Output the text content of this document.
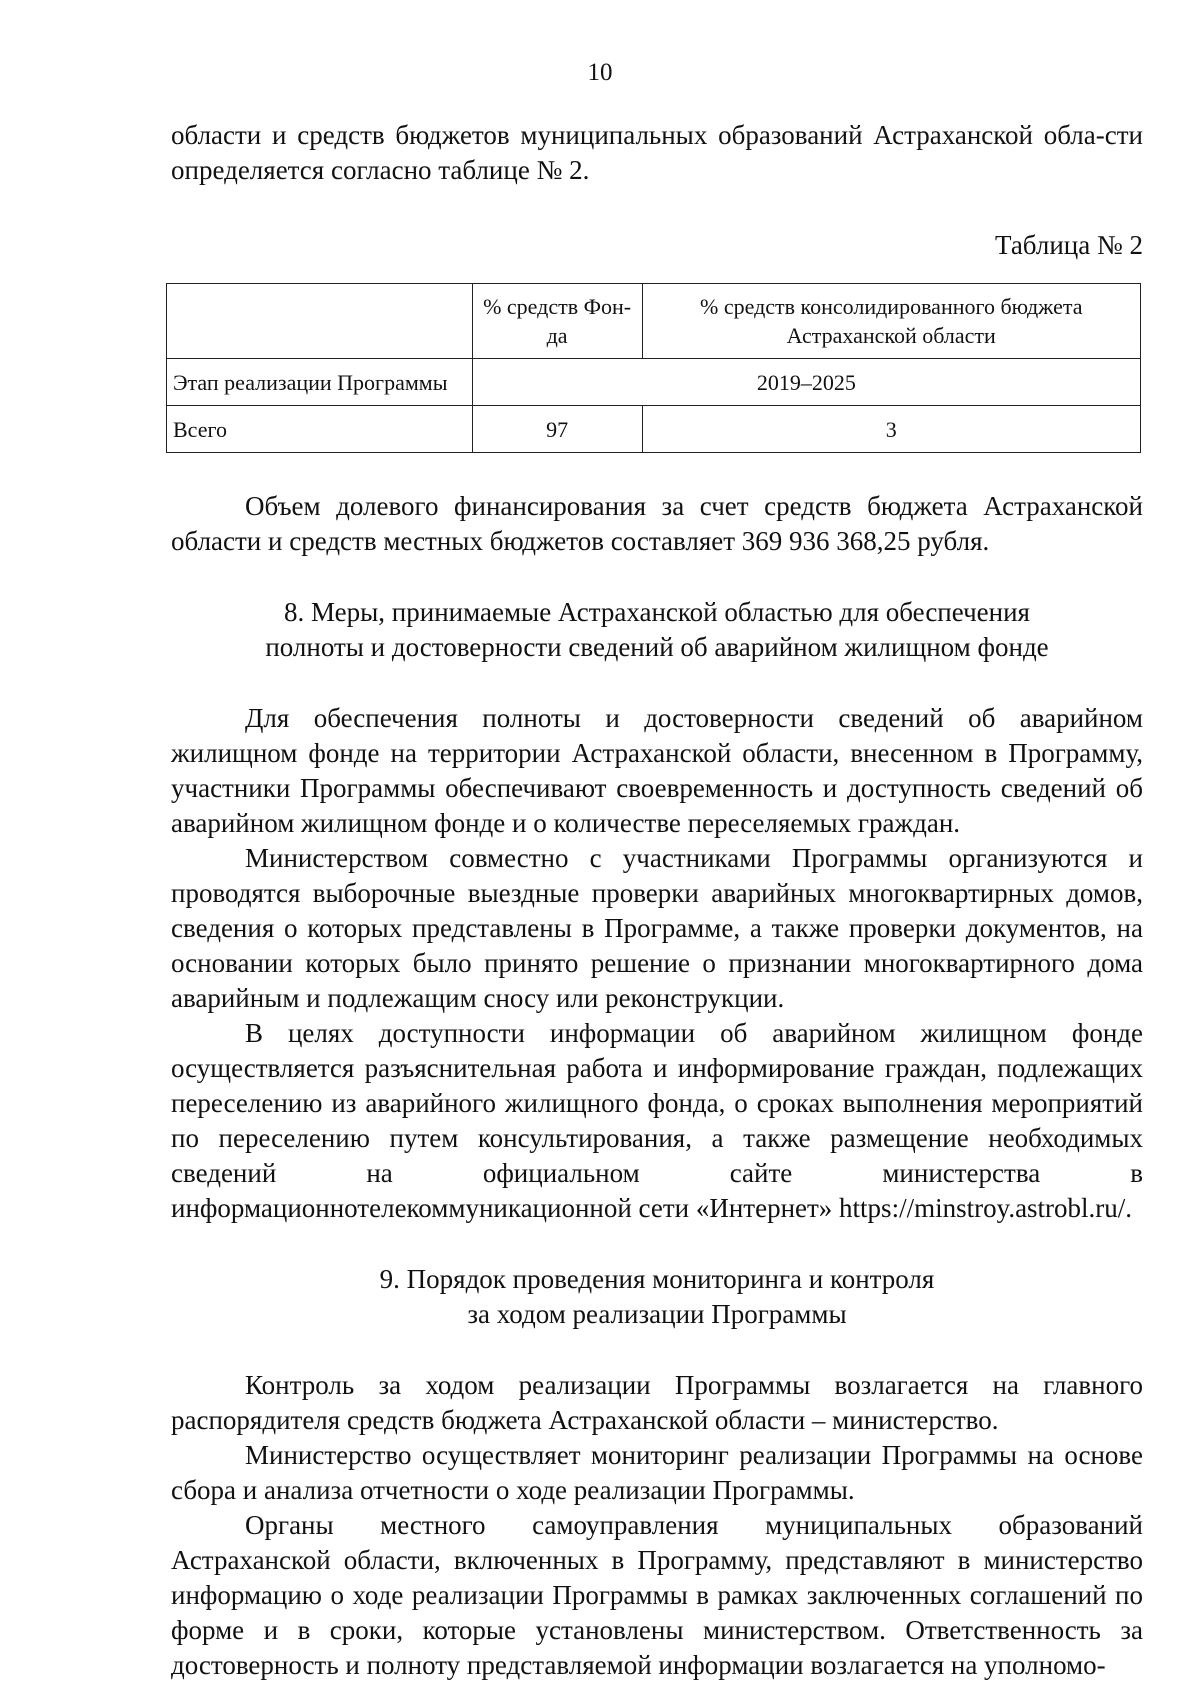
10

области и средств бюджетов муниципальных образований Астраханской обла-сти определяется согласно таблице № 2.

Таблица № 2

	% средств Фон-да	% средств консолидированного бюджета Астраханской области
Этап реализации Программы	2019–2025	
Всего	97	3

Объем долевого финансирования за счет средств бюджета Астраханской области и средств местных бюджетов составляет 369 936 368,25 рубля.

8. Меры, принимаемые Астраханской областью для обеспечения
полноты и достоверности сведений об аварийном жилищном фонде

Для обеспечения полноты и достоверности сведений об аварийном жилищном фонде на территории Астраханской области, внесенном в Программу, участники Программы обеспечивают своевременность и доступность сведений об аварийном жилищном фонде и о количестве переселяемых граждан.

Министерством совместно с участниками Программы организуются и проводятся выборочные выездные проверки аварийных многоквартирных домов, сведения о которых представлены в Программе, а также проверки документов, на основании которых было принято решение о признании многоквартирного дома аварийным и подлежащим сносу или реконструкции.

В целях доступности информации об аварийном жилищном фонде осуществляется разъяснительная работа и информирование граждан, подлежащих переселению из аварийного жилищного фонда, о сроках выполнения мероприятий по переселению путем консультирования, а также размещение необходимых сведений на официальном сайте министерства в информационнотелекоммуникационной сети «Интернет» https://minstroy.astrobl.ru/.

9. Порядок проведения мониторинга и контроля
за ходом реализации Программы

Контроль за ходом реализации Программы возлагается на главного распорядителя средств бюджета Астраханской области – министерство.

Министерство осуществляет мониторинг реализации Программы на основе сбора и анализа отчетности о ходе реализации Программы.

Органы местного самоуправления муниципальных образований Астраханской области, включенных в Программу, представляют в министерство информацию о ходе реализации Программы в рамках заключенных соглашений по форме и в сроки, которые установлены министерством. Ответственность за достоверность и полноту представляемой информации возлагается на уполномо-
